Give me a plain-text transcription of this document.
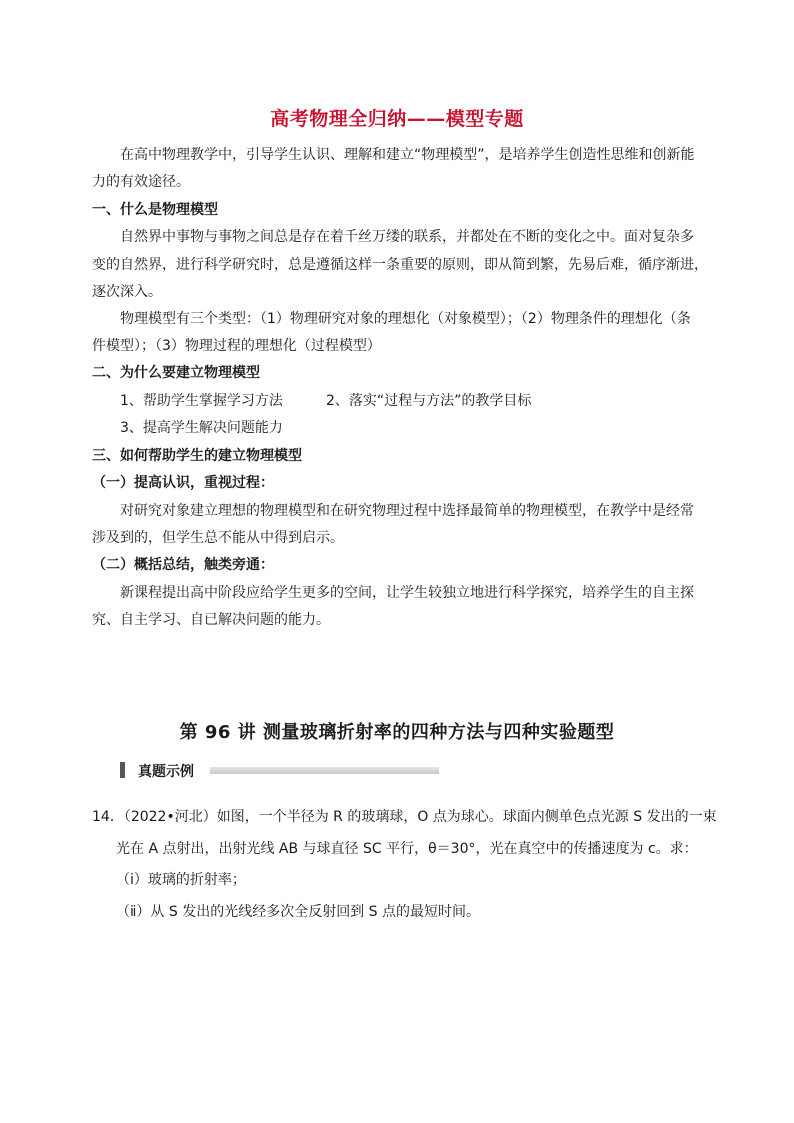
高考物理全归纳——模型专题
在高中物理教学中，引导学生认识、理解和建立“物理模型”，是培养学生创造性思维和创新能
力的有效途径。
一、什么是物理模型
自然界中事物与事物之间总是存在着千丝万缕的联系，并都处在不断的变化之中。面对复杂多
变的自然界，进行科学研究时，总是遵循这样一条重要的原则，即从简到繁，先易后难，循序渐进，
逐次深入。
物理模型有三个类型：（1）物理研究对象的理想化（对象模型）；（2）物理条件的理想化（条
件模型）；（3）物理过程的理想化（过程模型）
二、为什么要建立物理模型
1、帮助学生掌握学习方法	2、落实“过程与方法”的教学目标
3、提高学生解决问题能力
三、如何帮助学生的建立物理模型
（一）提高认识，重视过程：
对研究对象建立理想的物理模型和在研究物理过程中选择最简单的物理模型，在教学中是经常
涉及到的，但学生总不能从中得到启示。
（二）概括总结，触类旁通：
新课程提出高中阶段应给学生更多的空间，让学生较独立地进行科学探究，培养学生的自主探
究、自主学习、自已解决问题的能力。
第 96 讲 测量玻璃折射率的四种方法与四种实验题型
真题示例
14．（2022•河北）如图，一个半径为 R 的玻璃球，O 点为球心。球面内侧单色点光源 S 发出的一束
光在 A 点射出，出射光线 AB 与球直径 SC 平行，θ＝30°，光在真空中的传播速度为 c。求：
（ⅰ）玻璃的折射率；
（ⅱ）从 S 发出的光线经多次全反射回到 S 点的最短时间。
